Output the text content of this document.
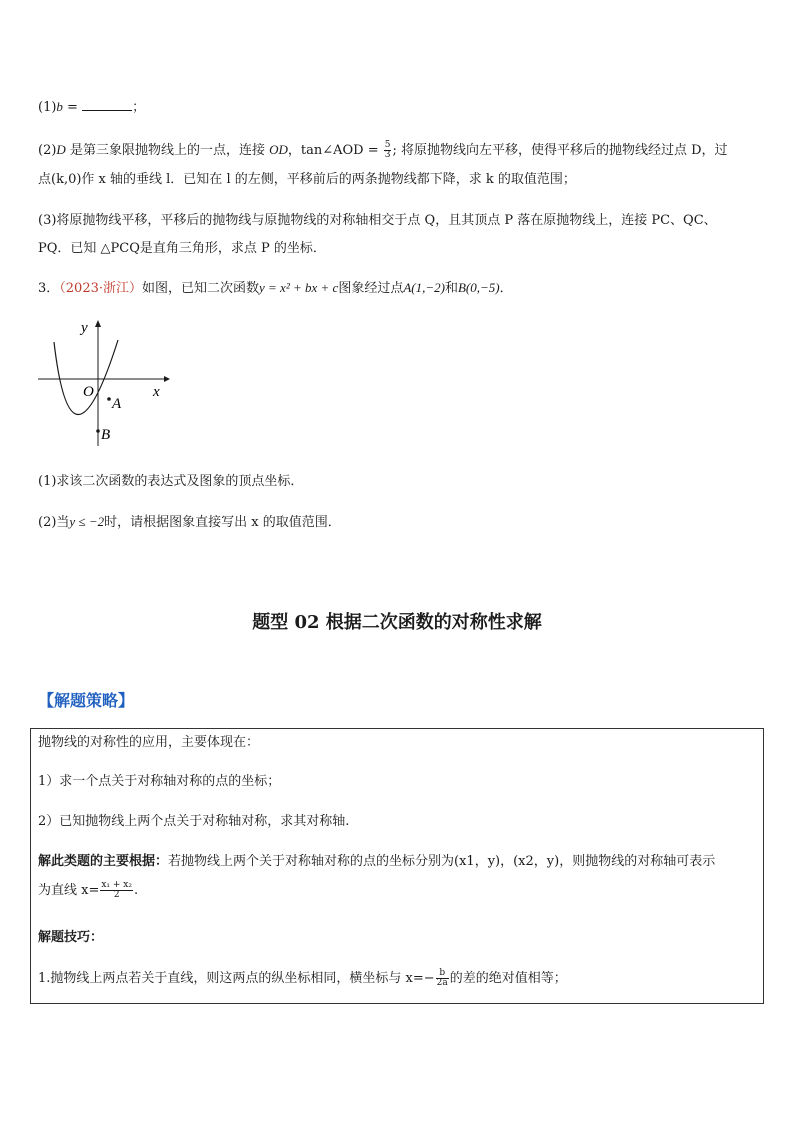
(1)b =	；
(2)D 是第三象限抛物线上的一点，连接 OD，tan∠AOD = $\frac{5}{3}$ ; 将原抛物线向左平移，使得平移后的抛物线经过点 D，过
点(k,0)作 x 轴的垂线 l．已知在 l 的左侧，平移前后的两条抛物线都下降，求 k 的取值范围；
(3)将原抛物线平移，平移后的抛物线与原抛物线的对称轴相交于点 Q，且其顶点 P 落在原抛物线上，连接 PC、QC、
PQ．已知 △PCQ是直角三角形，求点 P 的坐标．
3．（2023·浙江）如图，已知二次函数y = x² + bx + c图象经过点A(1,−2)和B(0,−5)．
y
x
O
A
B
(1)求该二次函数的表达式及图象的顶点坐标．
(2)当y ≤ −2时，请根据图象直接写出 x 的取值范围．
题型 02 根据二次函数的对称性求解
【解题策略】
抛物线的对称性的应用，主要体现在：
1）求一个点关于对称轴对称的点的坐标；
2）已知抛物线上两个点关于对称轴对称，求其对称轴.
解此类题的主要根据：若抛物线上两个关于对称轴对称的点的坐标分别为(x1，y)，(x2，y)，则抛物线的对称轴可表示
为直线 $x= \frac{\text{x₁ + x₂}}{2}$ .
解题技巧：
1.抛物线上两点若关于直线，则这两点的纵坐标相同，横坐标与 $x=- \frac{b}{2a}$ 的差的绝对值相等；
